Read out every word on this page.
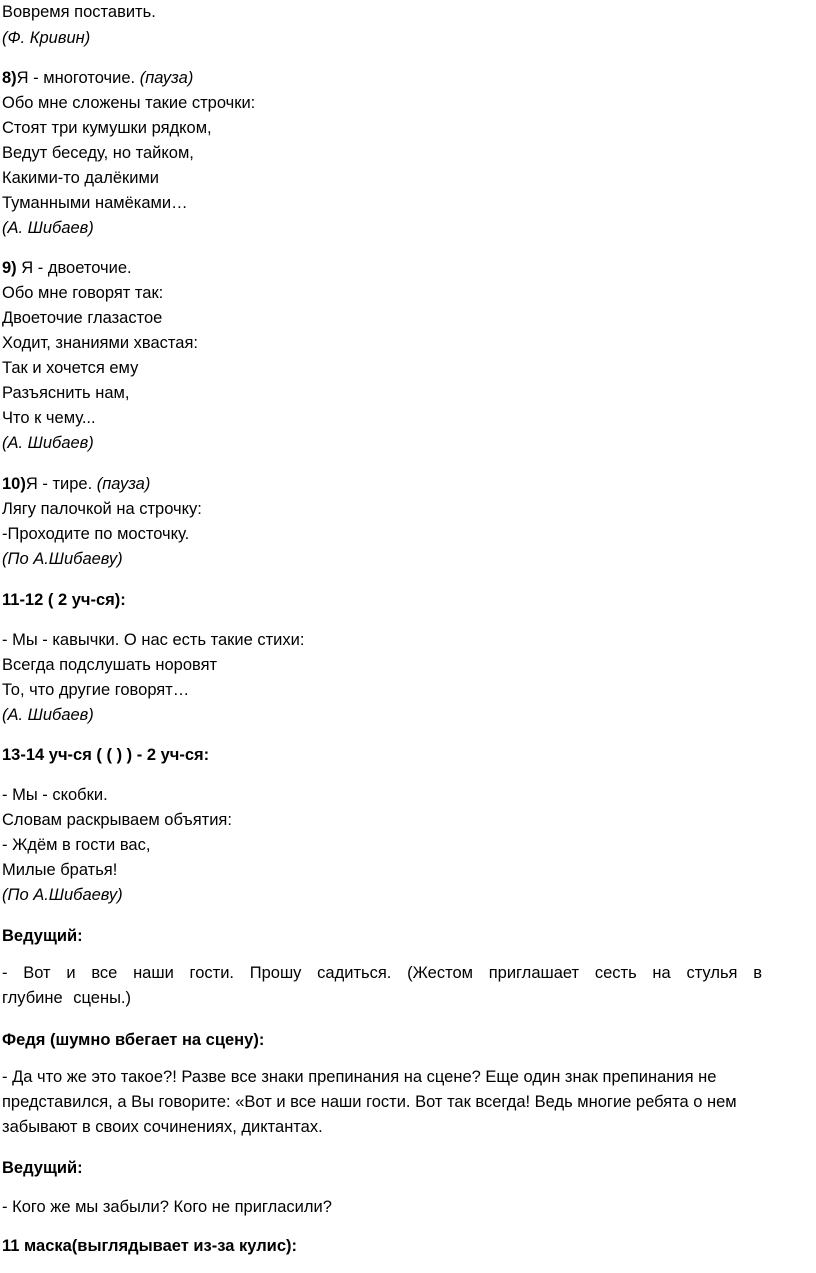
Вовремя поставить.
(Ф. Кривин)
8)Я - многоточие. (пауза)
Обо мне сложены такие строчки:
Стоят три кумушки рядком,
Ведут беседу, но тайком,
Какими-то далёкими
Туманными намёками…
(А. Шибаев)
9) Я - двоеточие.
Обо мне говорят так:
Двоеточие глазастое
Ходит, знаниями хвастая:
Так и хочется ему
Разъяснить нам,
Что к чему...
(А. Шибаев)
10)Я - тире. (пауза)
Лягу палочкой на строчку:
-Проходите по мосточку.
(По А.Шибаеву)
11-12 ( 2 уч-ся):
- Мы - кавычки. О нас есть такие стихи:
Всегда подслушать норовят
То, что другие говорят…
(А. Шибаев)
13-14 уч-ся ( ( ) ) - 2 уч-ся:
- Мы - скобки.
Словам раскрываем объятия:
- Ждём в гости вас,
Милые братья!
(По А.Шибаеву)
Ведущий:
- Вот и все наши гости. Прошу садиться. (Жестом приглашает сесть на стулья в глубине сцены.)
Федя (шумно вбегает на сцену):
- Да что же это такое?! Разве все знаки препинания на сцене? Еще один знак препинания не представился, а Вы говорите: «Вот и все наши гости. Вот так всегда! Ведь многие ребята о нем забывают в своих сочинениях, диктантах.
Ведущий:
- Кого же мы забыли? Кого не пригласили?
11 маска(выглядывает из-за кулис):
